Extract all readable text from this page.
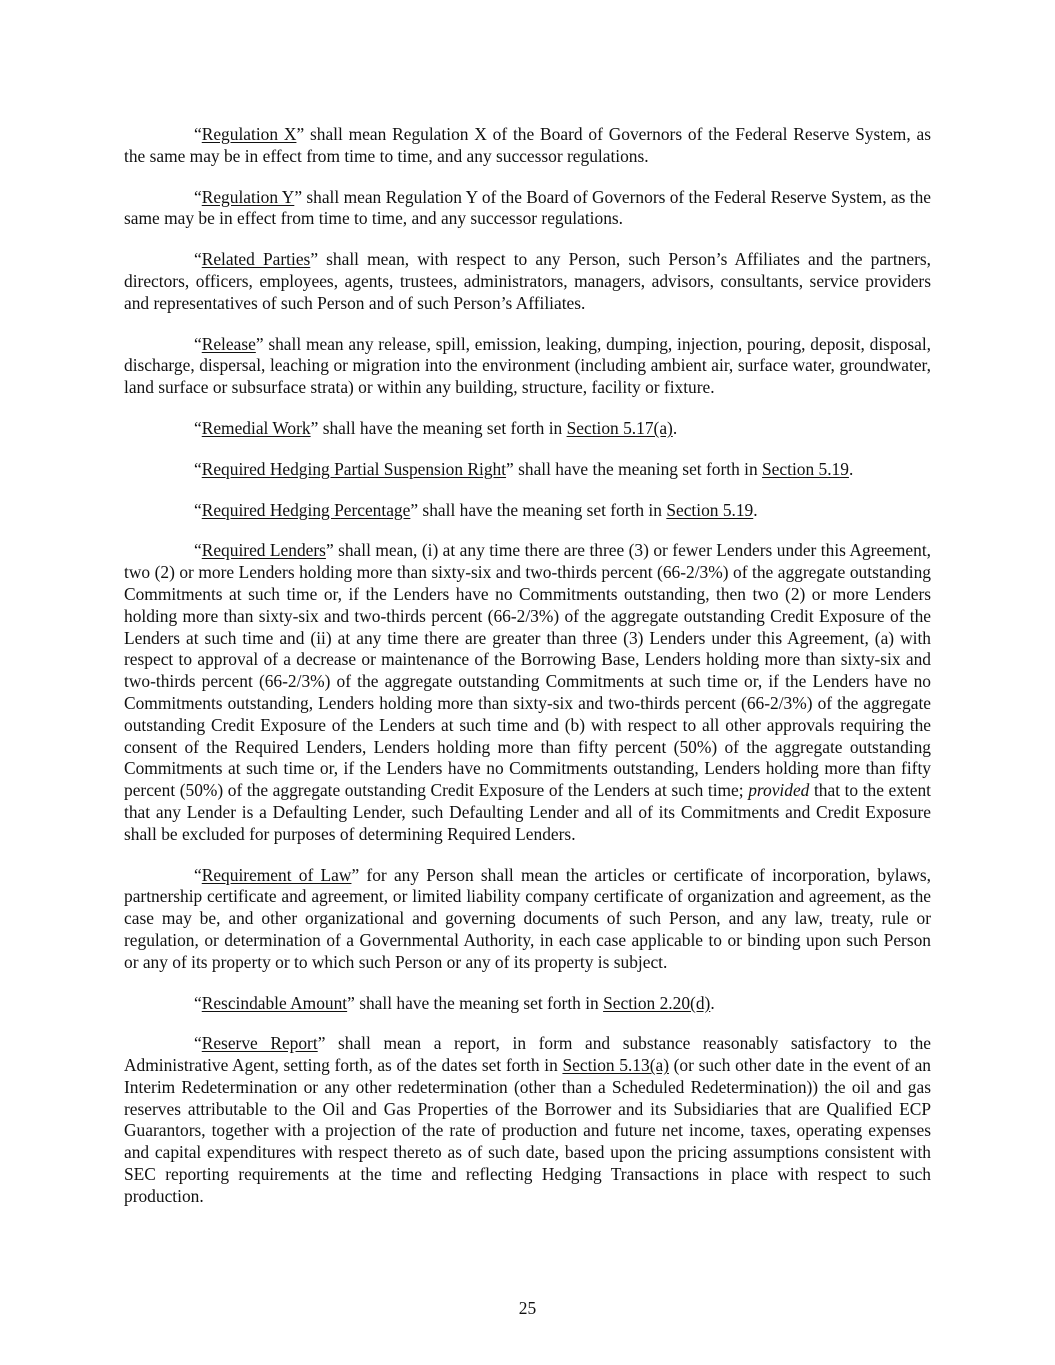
“Regulation X” shall mean Regulation X of the Board of Governors of the Federal Reserve System, as the same may be in effect from time to time, and any successor regulations.

“Regulation Y” shall mean Regulation Y of the Board of Governors of the Federal Reserve System, as the same may be in effect from time to time, and any successor regulations.

“Related Parties” shall mean, with respect to any Person, such Person’s Affiliates and the partners, directors, officers, employees, agents, trustees, administrators, managers, advisors, consultants, service providers and representatives of such Person and of such Person’s Affiliates.

“Release” shall mean any release, spill, emission, leaking, dumping, injection, pouring, deposit, disposal, discharge, dispersal, leaching or migration into the environment (including ambient air, surface water, groundwater, land surface or subsurface strata) or within any building, structure, facility or fixture.

“Remedial Work” shall have the meaning set forth in Section 5.17(a).

“Required Hedging Partial Suspension Right” shall have the meaning set forth in Section 5.19.

“Required Hedging Percentage” shall have the meaning set forth in Section 5.19.

“Required Lenders” shall mean, (i) at any time there are three (3) or fewer Lenders under this Agreement, two (2) or more Lenders holding more than sixty-six and two-thirds percent (66-2/3%) of the aggregate outstanding Commitments at such time or, if the Lenders have no Commitments outstanding, then two (2) or more Lenders holding more than sixty-six and two-thirds percent (66-2/3%) of the aggregate outstanding Credit Exposure of the Lenders at such time and (ii) at any time there are greater than three (3) Lenders under this Agreement, (a) with respect to approval of a decrease or maintenance of the Borrowing Base, Lenders holding more than sixty-six and two-thirds percent (66-2/3%) of the aggregate outstanding Commitments at such time or, if the Lenders have no Commitments outstanding, Lenders holding more than sixty-six and two-thirds percent (66-2/3%) of the aggregate outstanding Credit Exposure of the Lenders at such time and (b) with respect to all other approvals requiring the consent of the Required Lenders, Lenders holding more than fifty percent (50%) of the aggregate outstanding Commitments at such time or, if the Lenders have no Commitments outstanding, Lenders holding more than fifty percent (50%) of the aggregate outstanding Credit Exposure of the Lenders at such time; provided that to the extent that any Lender is a Defaulting Lender, such Defaulting Lender and all of its Commitments and Credit Exposure shall be excluded for purposes of determining Required Lenders.

“Requirement of Law” for any Person shall mean the articles or certificate of incorporation, bylaws, partnership certificate and agreement, or limited liability company certificate of organization and agreement, as the case may be, and other organizational and governing documents of such Person, and any law, treaty, rule or regulation, or determination of a Governmental Authority, in each case applicable to or binding upon such Person or any of its property or to which such Person or any of its property is subject.

“Rescindable Amount” shall have the meaning set forth in Section 2.20(d).

“Reserve Report” shall mean a report, in form and substance reasonably satisfactory to the Administrative Agent, setting forth, as of the dates set forth in Section 5.13(a) (or such other date in the event of an Interim Redetermination or any other redetermination (other than a Scheduled Redetermination)) the oil and gas reserves attributable to the Oil and Gas Properties of the Borrower and its Subsidiaries that are Qualified ECP Guarantors, together with a projection of the rate of production and future net income, taxes, operating expenses and capital expenditures with respect thereto as of such date, based upon the pricing assumptions consistent with SEC reporting requirements at the time and reflecting Hedging Transactions in place with respect to such production.

25
